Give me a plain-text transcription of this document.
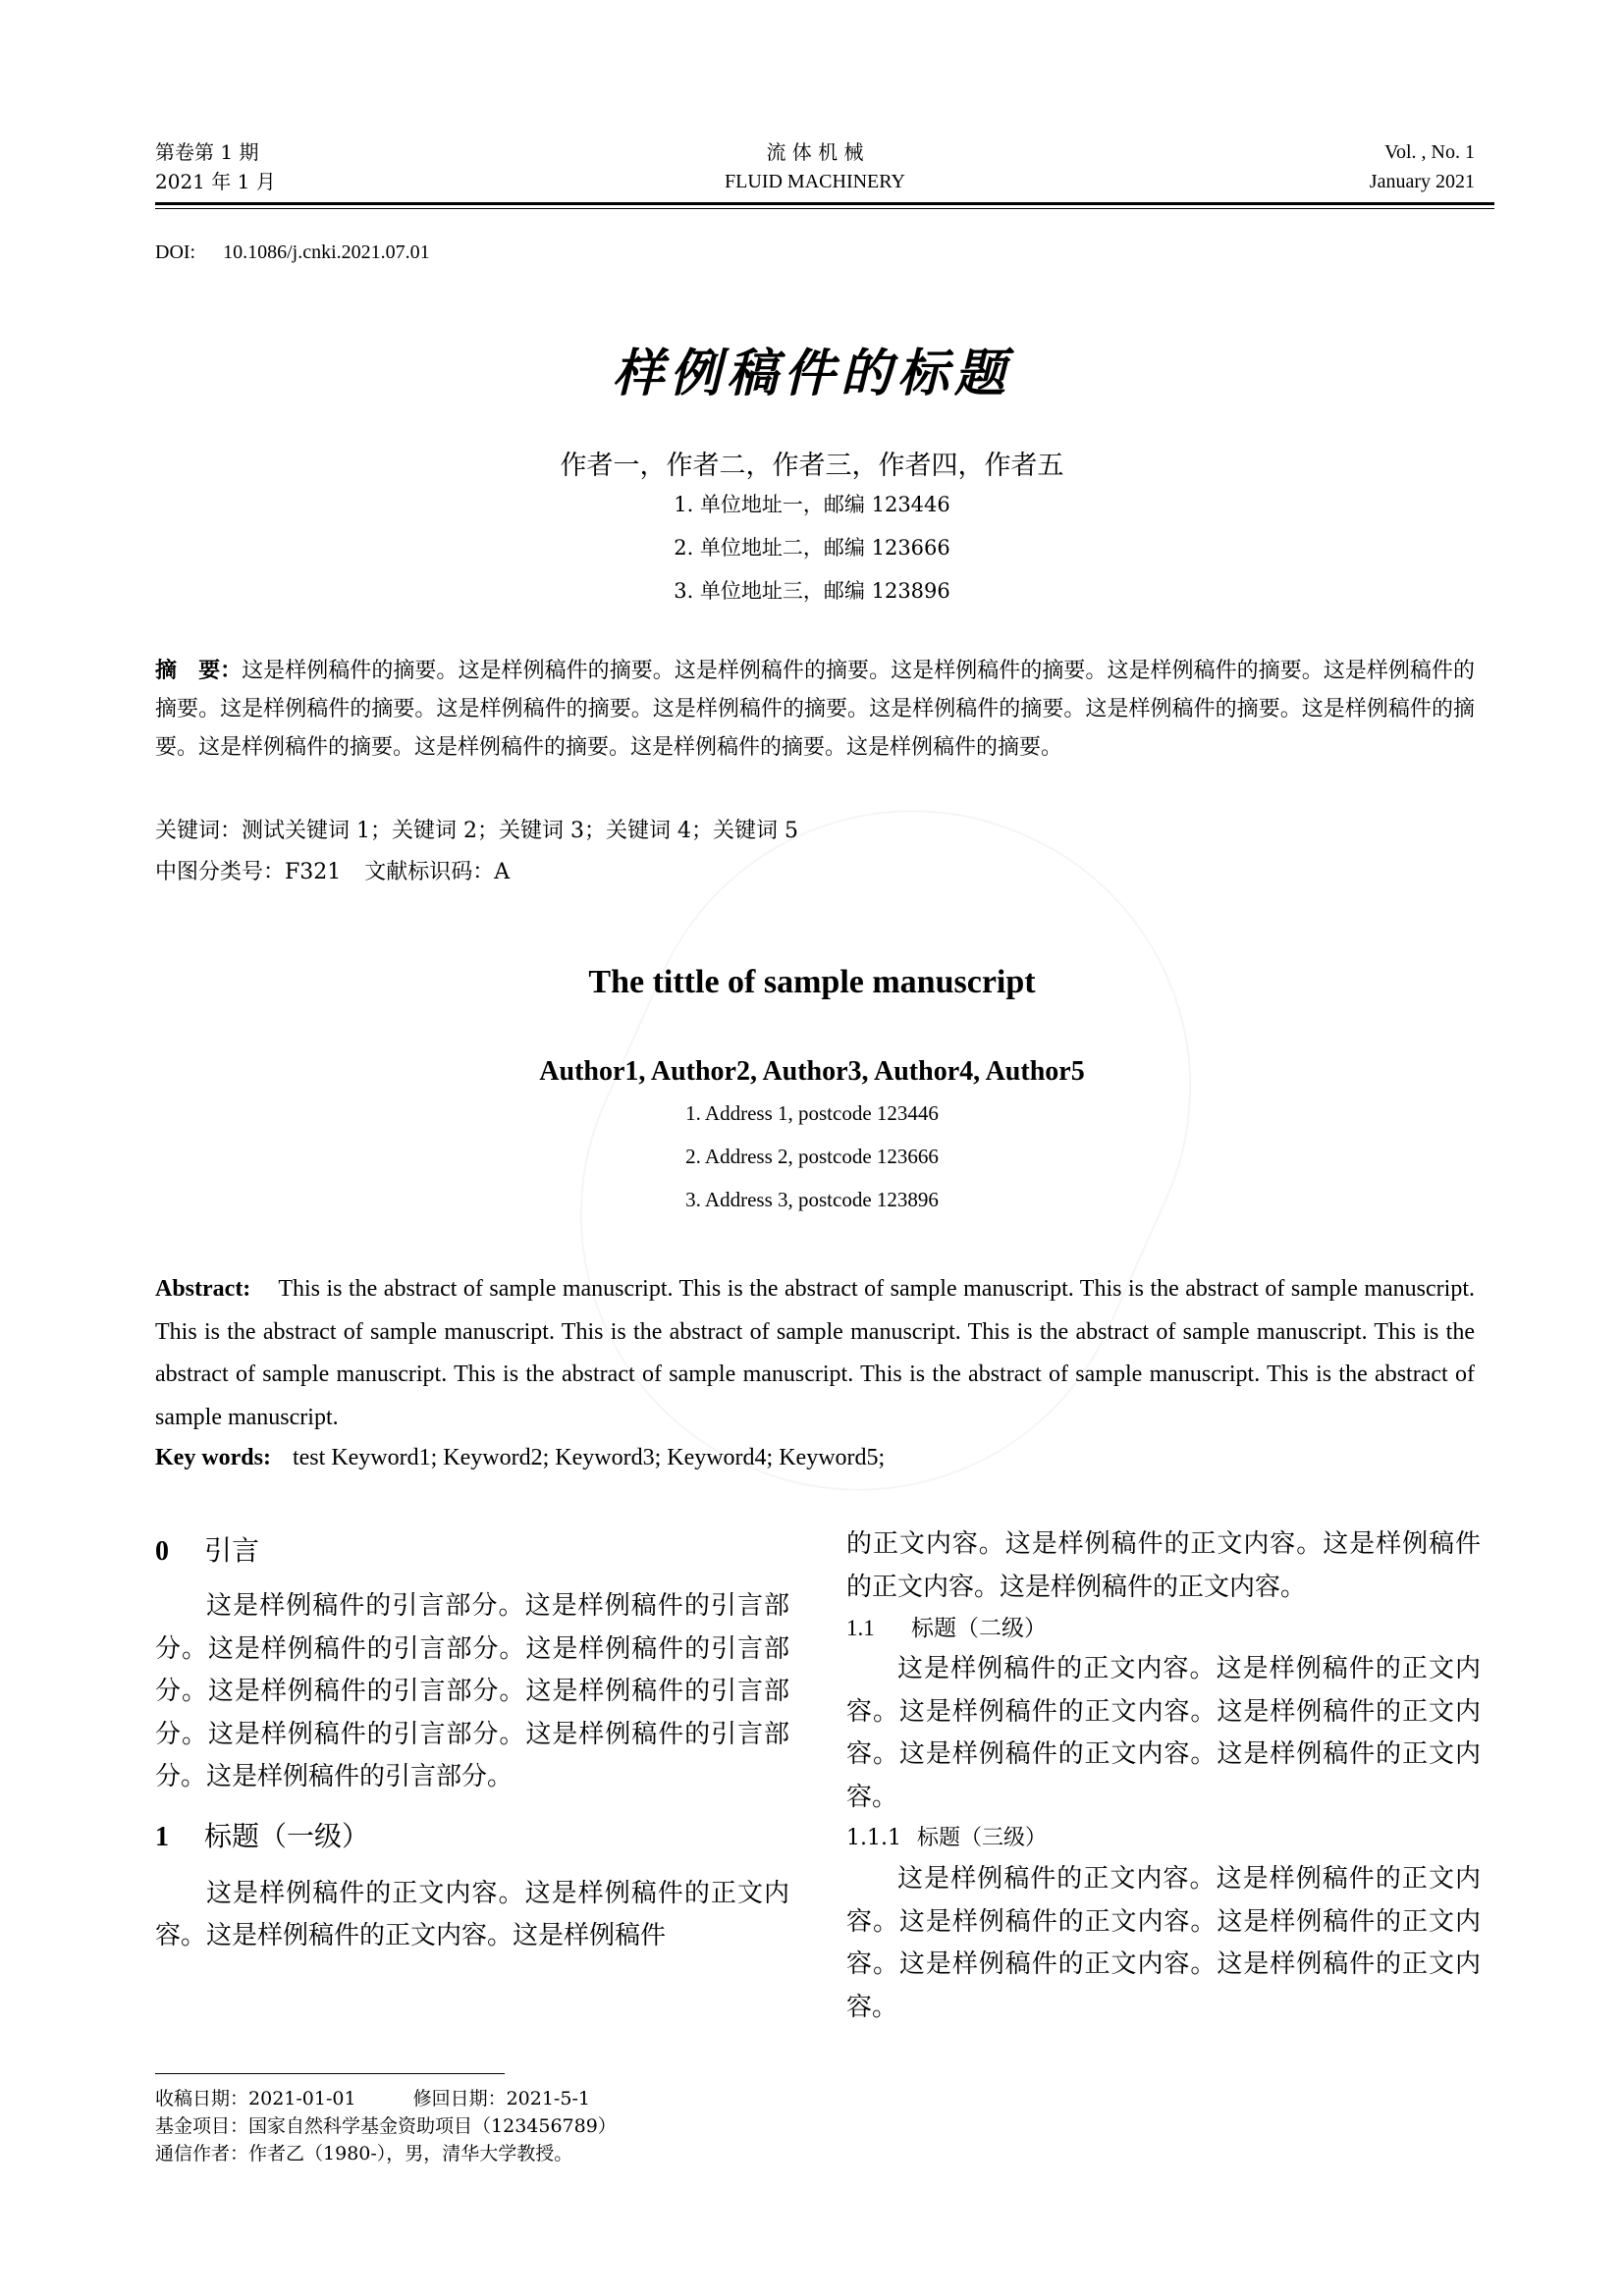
第卷第 1 期
2021 年 1 月
流 体 机 械
FLUID MACHINERY
Vol. , No. 1
January 2021
DOI: 10.1086/j.cnki.2021.07.01
样例稿件的标题
作者一，作者二，作者三，作者四，作者五
1. 单位地址一，邮编 123446
2. 单位地址二，邮编 123666
3. 单位地址三，邮编 123896
摘　要：这是样例稿件的摘要。这是样例稿件的摘要。这是样例稿件的摘要。这是样例稿件的摘要。这是样例稿件的摘要。这是样例稿件的摘要。这是样例稿件的摘要。这是样例稿件的摘要。这是样例稿件的摘要。这是样例稿件的摘要。这是样例稿件的摘要。这是样例稿件的摘要。这是样例稿件的摘要。这是样例稿件的摘要。这是样例稿件的摘要。这是样例稿件的摘要。
关键词：测试关键词 1；关键词 2；关键词 3；关键词 4；关键词 5
中图分类号：F321 文献标识码：A
The tittle of sample manuscript
Author1, Author2, Author3, Author4, Author5
1. Address 1, postcode 123446
2. Address 2, postcode 123666
3. Address 3, postcode 123896
Abstract: This is the abstract of sample manuscript. This is the abstract of sample manuscript. This is the abstract of sample manuscript. This is the abstract of sample manuscript. This is the abstract of sample manuscript. This is the abstract of sample manuscript. This is the abstract of sample manuscript. This is the abstract of sample manuscript. This is the abstract of sample manuscript. This is the abstract of sample manuscript.
Key words: test Keyword1; Keyword2; Keyword3; Keyword4; Keyword5;
0 引言

这是样例稿件的引言部分。这是样例稿件的引言部分。这是样例稿件的引言部分。这是样例稿件的引言部分。这是样例稿件的引言部分。这是样例稿件的引言部分。这是样例稿件的引言部分。这是样例稿件的引言部分。这是样例稿件的引言部分。

1 标题（一级）

这是样例稿件的正文内容。这是样例稿件的正文内容。这是样例稿件的正文内容。这是样例稿件

的正文内容。这是样例稿件的正文内容。这是样例稿件的正文内容。这是样例稿件的正文内容。

1.1 标题（二级）

这是样例稿件的正文内容。这是样例稿件的正文内容。这是样例稿件的正文内容。这是样例稿件的正文内容。这是样例稿件的正文内容。这是样例稿件的正文内容。

1.1.1 标题（三级）

这是样例稿件的正文内容。这是样例稿件的正文内容。这是样例稿件的正文内容。这是样例稿件的正文内容。这是样例稿件的正文内容。这是样例稿件的正文内容。

收稿日期：2021-01-01	修回日期：2021-5-1
基金项目：国家自然科学基金资助项目（123456789）
通信作者：作者乙（1980-），男，清华大学教授。
